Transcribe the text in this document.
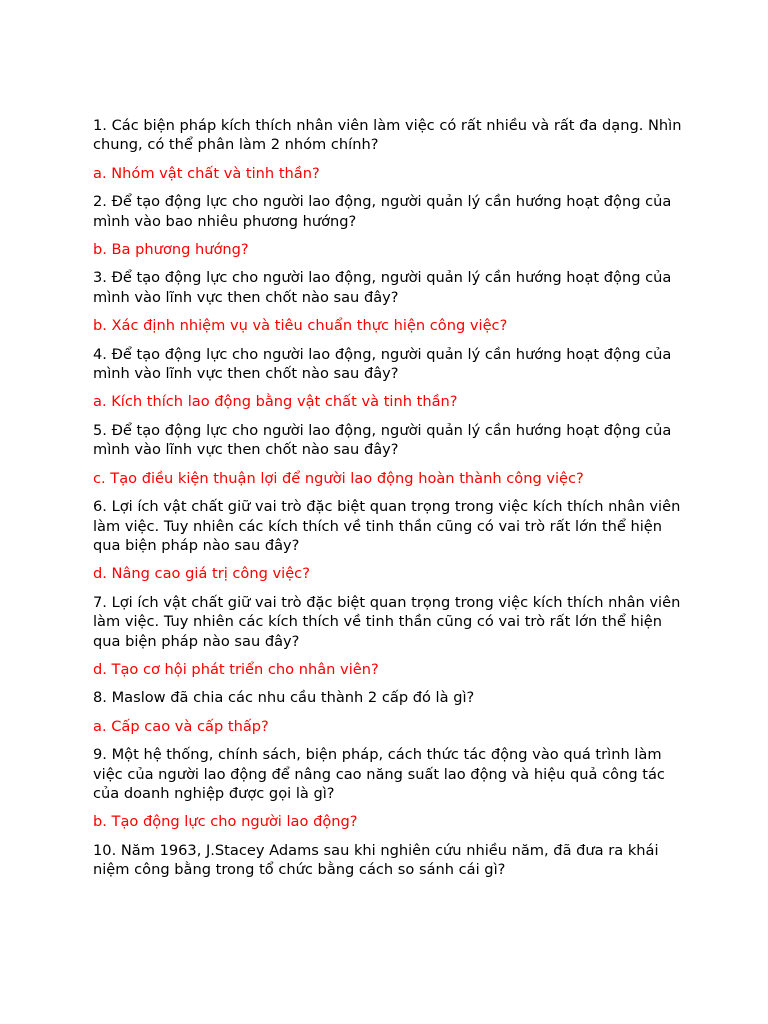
1. Các biện pháp kích thích nhân viên làm việc có rất nhiều và rất đa dạng. Nhìn chung, có thể phân làm 2 nhóm chính?

a. Nhóm vật chất và tinh thần?

2. Để tạo động lực cho người lao động, người quản lý cần hướng hoạt động của mình vào bao nhiêu phương hướng?

b. Ba phương hướng?

3. Để tạo động lực cho người lao động, người quản lý cần hướng hoạt động của mình vào lĩnh vực then chốt nào sau đây?

b. Xác định nhiệm vụ và tiêu chuẩn thực hiện công việc?

4. Để tạo động lực cho người lao động, người quản lý cần hướng hoạt động của mình vào lĩnh vực then chốt nào sau đây?

a. Kích thích lao động bằng vật chất và tinh thần?

5. Để tạo động lực cho người lao động, người quản lý cần hướng hoạt động của mình vào lĩnh vực then chốt nào sau đây?

c. Tạo điều kiện thuận lợi để người lao động hoàn thành công việc?

6. Lợi ích vật chất giữ vai trò đặc biệt quan trọng trong việc kích thích nhân viên làm việc. Tuy nhiên các kích thích về tinh thần cũng có vai trò rất lớn thể hiện qua biện pháp nào sau đây?

d. Nâng cao giá trị công việc?

7. Lợi ích vật chất giữ vai trò đặc biệt quan trọng trong việc kích thích nhân viên làm việc. Tuy nhiên các kích thích về tinh thần cũng có vai trò rất lớn thể hiện qua biện pháp nào sau đây?

d. Tạo cơ hội phát triển cho nhân viên?

8. Maslow đã chia các nhu cầu thành 2 cấp đó là gì?

a. Cấp cao và cấp thấp?

9. Một hệ thống, chính sách, biện pháp, cách thức tác động vào quá trình làm việc của người lao động để nâng cao năng suất lao động và hiệu quả công tác của doanh nghiệp được gọi là gì?

b. Tạo động lực cho người lao động?

10. Năm 1963, J.Stacey Adams sau khi nghiên cứu nhiều năm, đã đưa ra khái niệm công bằng trong tổ chức bằng cách so sánh cái gì?
